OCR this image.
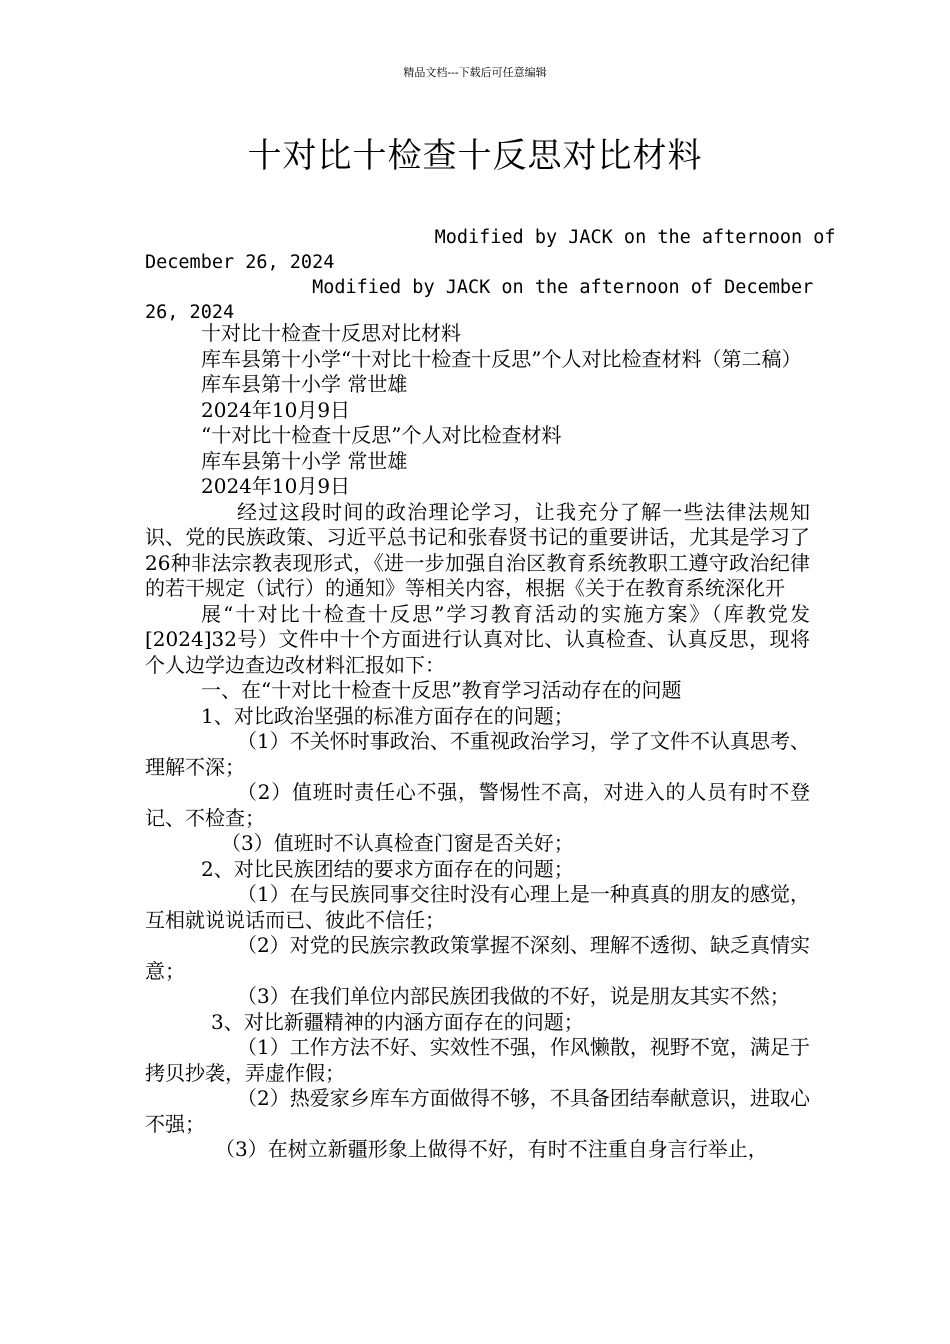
精品文档---下载后可任意编辑
十对比十检查十反思对比材料
Modified by JACK on the afternoon of
December 26, 2024
Modified by JACK on the afternoon of December
26, 2024

十对比十检查十反思对比材料

库车县第十小学“十对比十检查十反思”个人对比检查材料（第二稿）

库车县第十小学 常世雄

2024年10月9日

“十对比十检查十反思”个人对比检查材料

库车县第十小学 常世雄

2024年10月9日

经过这段时间的政治理论学习，让我充分了解一些法律法规知识、党的民族政策、习近平总书记和张春贤书记的重要讲话，尤其是学习了26种非法宗教表现形式，《进一步加强自治区教育系统教职工遵守政治纪律的若干规定（试行）的通知》等相关内容，根据《关于在教育系统深化开

展“十对比十检查十反思”学习教育活动的实施方案》（库教党发 [2024]32号）文件中十个方面进行认真对比、认真检查、认真反思，现将个人边学边查边改材料汇报如下：

一、在“十对比十检查十反思”教育学习活动存在的问题

1、对比政治坚强的标准方面存在的问题；

（1）不关怀时事政治、不重视政治学习，学了文件不认真思考、理解不深；

（2）值班时责任心不强，警惕性不高，对进入的人员有时不登记、不检查；

（3）值班时不认真检查门窗是否关好；

2、对比民族团结的要求方面存在的问题；

（1）在与民族同事交往时没有心理上是一种真真的朋友的感觉，互相就说说话而已、彼此不信任；

（2）对党的民族宗教政策掌握不深刻、理解不透彻、缺乏真情实意；

（3）在我们单位内部民族团我做的不好，说是朋友其实不然；

3、对比新疆精神的内涵方面存在的问题；

（1）工作方法不好、实效性不强，作风懒散，视野不宽，满足于拷贝抄袭，弄虚作假；

（2）热爱家乡库车方面做得不够，不具备团结奉献意识，进取心不强；

（3）在树立新疆形象上做得不好，有时不注重自身言行举止，
